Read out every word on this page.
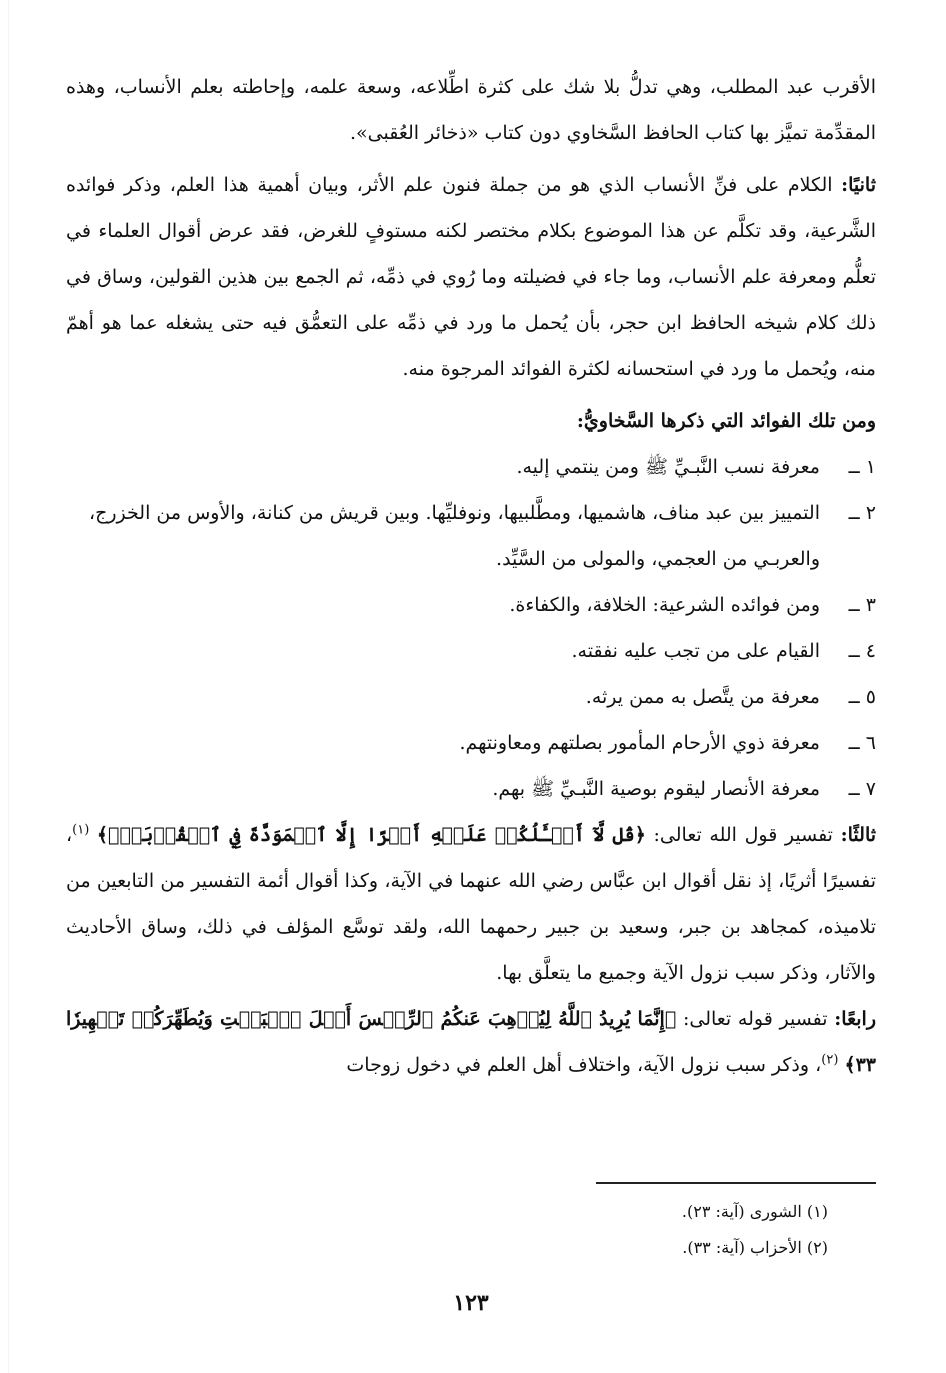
الأقرب عبد المطلب، وهي تدلُّ بلا شك على كثرة اطِّلاعه، وسعة علمه، وإحاطته بعلم الأنساب، وهذه المقدِّمة تميَّز بها كتاب الحافظ السَّخاوي دون كتاب «ذخائر العُقبى».

ثانيًا: الكلام على فنِّ الأنساب الذي هو من جملة فنون علم الأثر، وبيان أهمية هذا العلم، وذكر فوائده الشَّرعية، وقد تكلَّم عن هذا الموضوع بكلام مختصر لكنه مستوفٍ للغرض، فقد عرض أقوال العلماء في تعلُّم ومعرفة علم الأنساب، وما جاء في فضيلته وما رُوي في ذمِّه، ثم الجمع بين هذين القولين، وساق في ذلك كلام شيخه الحافظ ابن حجر، بأن يُحمل ما ورد في ذمِّه على التعمُّق فيه حتى يشغله عما هو أهمّ منه، ويُحمل ما ورد في استحسانه لكثرة الفوائد المرجوة منه.

ومن تلك الفوائد التي ذكرها السَّخاويُّ:

١ ــ
معرفة نسب النَّبـيِّ ﷺ ومن ينتمي إليه.
٢ ــ
التمييز بين عبد مناف، هاشميها، ومطَّلبيها، ونوفليِّها. وبين قريش من كنانة، والأوس من الخزرج، والعربـي من العجمي، والمولى من السَّيِّد.
٣ ــ
ومن فوائده الشرعية: الخلافة، والكفاءة.
٤ ــ
القيام على من تجب عليه نفقته.
٥ ــ
معرفة من يتَّصل به ممن يرثه.
٦ ــ
معرفة ذوي الأرحام المأمور بصلتهم ومعاونتهم.
٧ ــ
معرفة الأنصار ليقوم بوصية النَّبـيِّ ﷺ بهم.

ثالثًا: تفسير قول الله تعالى: ﴿قُل لَّآ أَسۡـَٔلُكُمۡ عَلَيۡهِ أَجۡرًا إِلَّا ٱلۡمَوَدَّةَ فِي ٱلۡقُرۡبَىٰۗ﴾ $^{(١)}$، تفسيرًا أثريًا، إذ نقل أقوال ابن عبَّاس رضي الله عنهما في الآية، وكذا أقوال أئمة التفسير من التابعين من تلاميذه، كمجاهد بن جبر، وسعيد بن جبير رحمهما الله، ولقد توسَّع المؤلف في ذلك، وساق الأحاديث والآثار، وذكر سبب نزول الآية وجميع ما يتعلَّق بها.

رابعًا: تفسير قوله تعالى: ﴿إِنَّمَا يُرِيدُ ٱللَّهُ لِيُذۡهِبَ عَنكُمُ ٱلرِّجۡسَ أَهۡلَ ٱلۡبَيۡتِ وَيُطَهِّرَكُمۡ تَطۡهِيرٗا ٣٣﴾ $^{(٢)}$، وذكر سبب نزول الآية، واختلاف أهل العلم في دخول زوجات

(١) الشورى (آية: ٢٣).
(٢) الأحزاب (آية: ٣٣).
١٢٣
